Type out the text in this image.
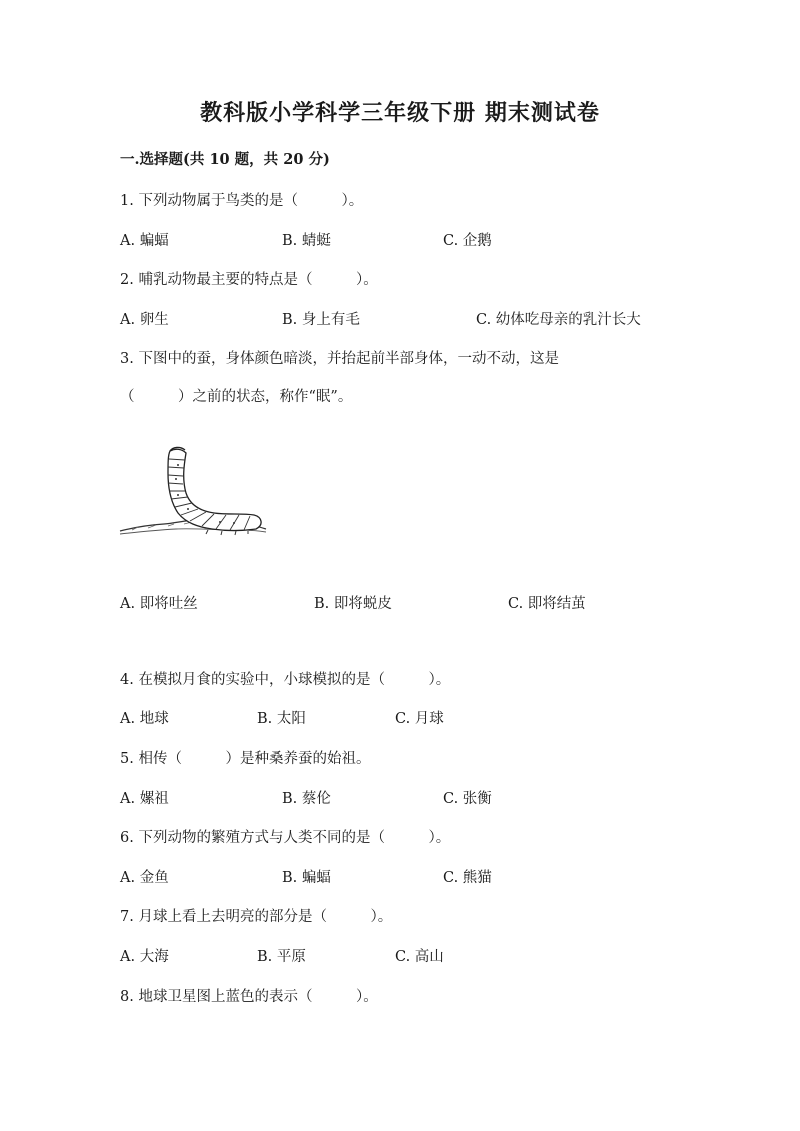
教科版小学科学三年级下册 期末测试卷
一.选择题(共 10 题，共 20 分)
1. 下列动物属于鸟类的是（　　　）。
A. 蝙蝠	B. 蜻蜓	C. 企鹅
2. 哺乳动物最主要的特点是（　　　）。
A. 卵生	B. 身上有毛	C. 幼体吃母亲的乳汁长大
3. 下图中的蚕，身体颜色暗淡，并抬起前半部身体，一动不动，这是
（　　　）之前的状态，称作“眠”。
A. 即将吐丝	B. 即将蜕皮	C. 即将结茧
4. 在模拟月食的实验中，小球模拟的是（　　　）。
A. 地球	B. 太阳	C. 月球
5. 相传（　　　）是种桑养蚕的始祖。
A. 嫘祖	B. 蔡伦	C. 张衡
6. 下列动物的繁殖方式与人类不同的是（　　　）。
A. 金鱼	B. 蝙蝠	C. 熊猫
7. 月球上看上去明亮的部分是（　　　）。
A. 大海	B. 平原	C. 高山
8. 地球卫星图上蓝色的表示（　　　）。
